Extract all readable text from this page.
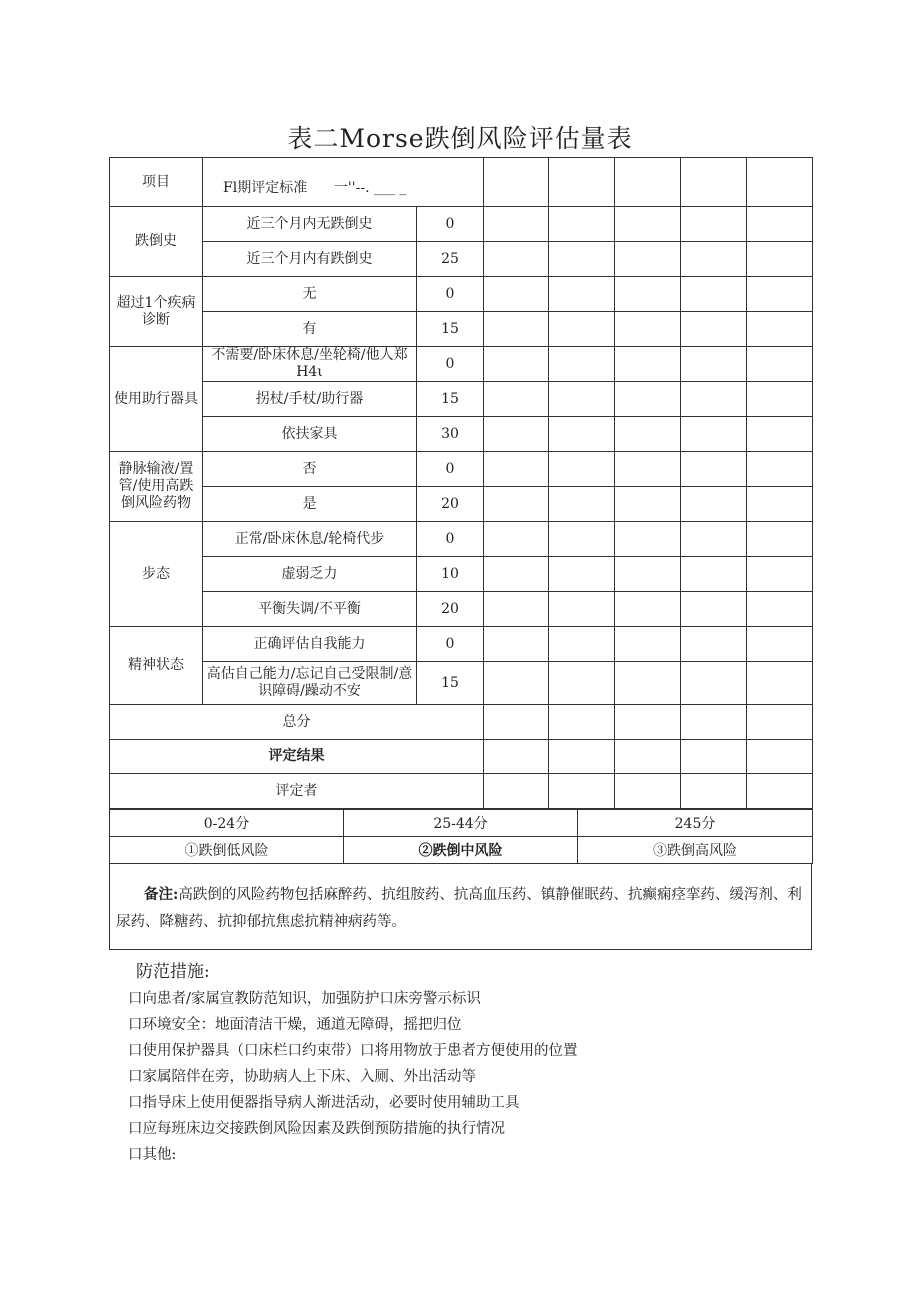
表二Morse跌倒风险评估量表
项目	Fl期评定标准 一''--. ___ _						
跌倒史	近三个月内无跌倒史	0					
	近三个月内有跌倒史	25					
超过1个疾病诊断	无	0					
	有	15					
使用助行器具	不需要/卧床休息/坐轮椅/他人郑H4ι	0					
	拐杖/手杖/助行器	15					
	依扶家具	30					
静脉输液/置管/使用高跌倒风险药物	否	0					
	是	20					
步态	正常/卧床休息/轮椅代步	0					
	虚弱乏力	10					
	平衡失调/不平衡	20					
精神状态	正确评估自我能力	0					
	高估自己能力/忘记自己受限制/意识障碍/躁动不安	15					
总分							
评定结果							
评定者							
0-24分	25-44分	245分
①跌倒低风险	②跌倒中风险	③跌倒高风险
备注:高跌倒的风险药物包括麻醉药、抗组胺药、抗高血压药、镇静催眠药、抗癫痫痉挛药、缓泻剂、利尿药、降糖药、抗抑郁抗焦虑抗精神病药等。
防范措施:
口向患者/家属宣教防范知识，加强防护口床旁警示标识
口环境安全：地面清洁干燥，通道无障碍，摇把归位
口使用保护器具（口床栏口约束带）口将用物放于患者方便使用的位置
口家属陪伴在旁，协助病人上下床、入厕、外出活动等
口指导床上使用便器指导病人渐进活动，必要时使用辅助工具
口应每班床边交接跌倒风险因素及跌倒预防措施的执行情况
口其他:
